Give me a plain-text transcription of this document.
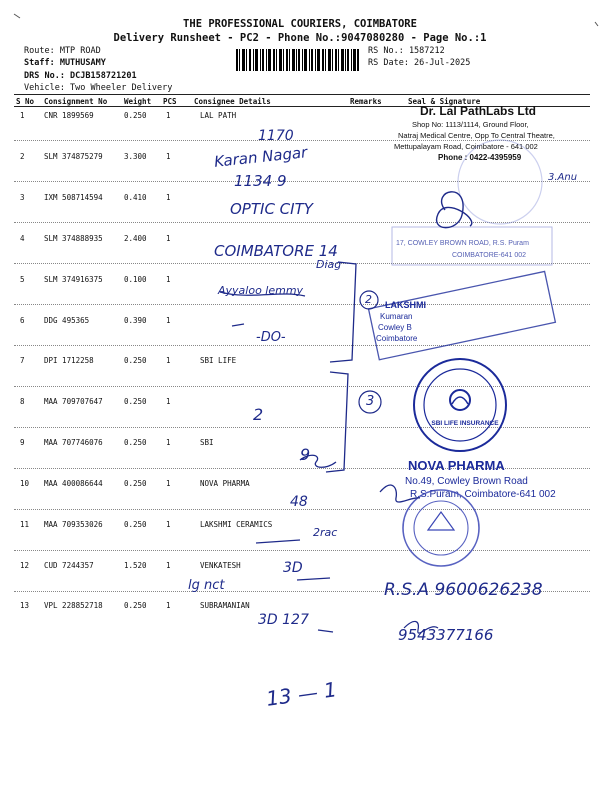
THE PROFESSIONAL COURIERS, COIMBATORE
Delivery Runsheet - PC2 - Phone No.:9047080280 - Page No.:1
Route: MTP ROAD
Staff: MUTHUSAMY
DRS No.: DCJB158721201
Vehicle: Two Wheeler Delivery
RS No.: 1587212
RS Date: 26-Jul-2025
S No Consignment No Weight PCS Consignee Details	Remarks	Seal & Signature
1	CNR 1899569	0.250	1	LAL PATH
2	SLM 374875279	3.300	1
3	IXM 508714594	0.410	1
4	SLM 374888935	2.400	1
5	SLM 374916375	0.100	1
6	DDG 495365	0.390	1
7	DPI 1712258	0.250	1	SBI LIFE
8	MAA 709707647	0.250	1
9	MAA 707746076	0.250	1	SBI
10 MAA 400086644	0.250	1	NOVA PHARMA
11 MAA 709353026	0.250	1	LAKSHMI CERAMICS
12 CUD 7244357	1.520	1	VENKATESH
13 VPL 228852718	0.250	1	SUBRAMANIAN
Dr. Lal PathLabs Ltd
Shop No: 1113/1114, Ground Floor,
Natraj Medical Centre, Opp To Central Theatre,
Mettupalayam Road, Coimbatore - 641 002
Phone : 0422-4395959
17, COWLEY BROWN ROAD, R.S. Puram
COIMBATORE-641 002
LAKSHMI
Kumaran
Cowley B
Coimbatore
SBI LIFE INSURANCE
NOVA PHARMA
No.49, Cowley Brown Road
R.S.Puram, Coimbatore-641 002
1170
Karan Nagar
1134 9
OPTIC CITY
COIMBATORE 14
Diag
Ayyaloo lemmy
-DO-
2
9
48
2rac
3D
lg nct
3D 127
R.S.A 9600626238
9543377166
13 — 1
3.Anu
2
3
